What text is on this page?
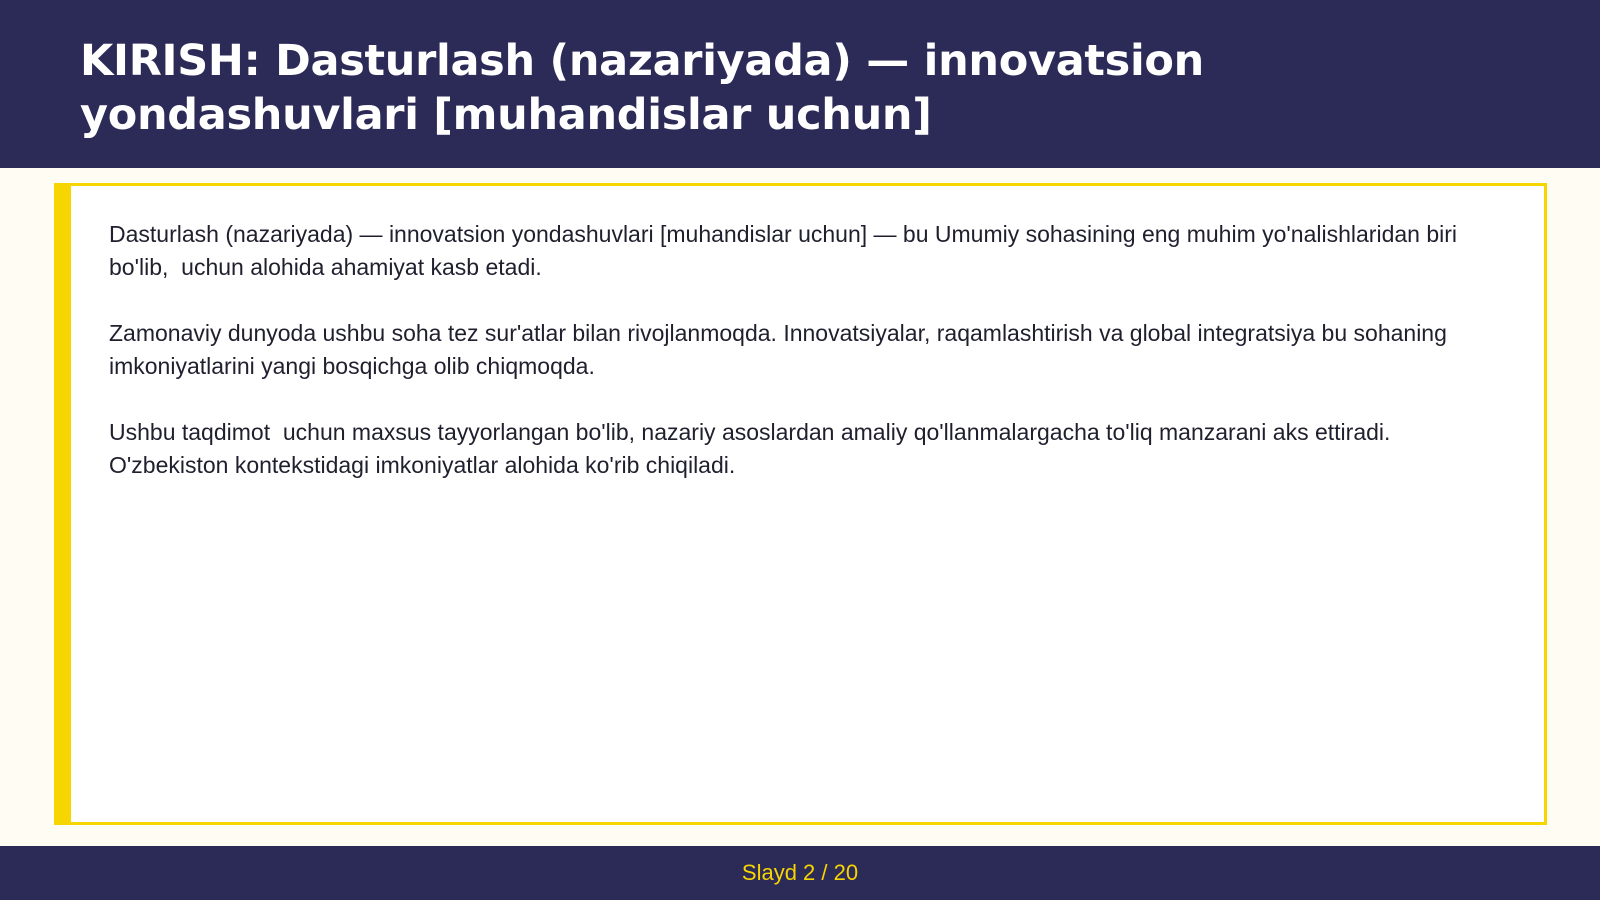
KIRISH: Dasturlash (nazariyada) — innovatsion yondashuvlari [muhandislar uchun]

Dasturlash (nazariyada) — innovatsion yondashuvlari [muhandislar uchun] — bu Umumiy sohasining eng muhim yo'nalishlaridan biri bo'lib,  uchun alohida ahamiyat kasb etadi.

Zamonaviy dunyoda ushbu soha tez sur'atlar bilan rivojlanmoqda. Innovatsiyalar, raqamlashtirish va global integratsiya bu sohaning imkoniyatlarini yangi bosqichga olib chiqmoqda.

Ushbu taqdimot  uchun maxsus tayyorlangan bo'lib, nazariy asoslardan amaliy qo'llanmalargacha to'liq manzarani aks ettiradi. O'zbekiston kontekstidagi imkoniyatlar alohida ko'rib chiqiladi.

Slayd 2 / 20
